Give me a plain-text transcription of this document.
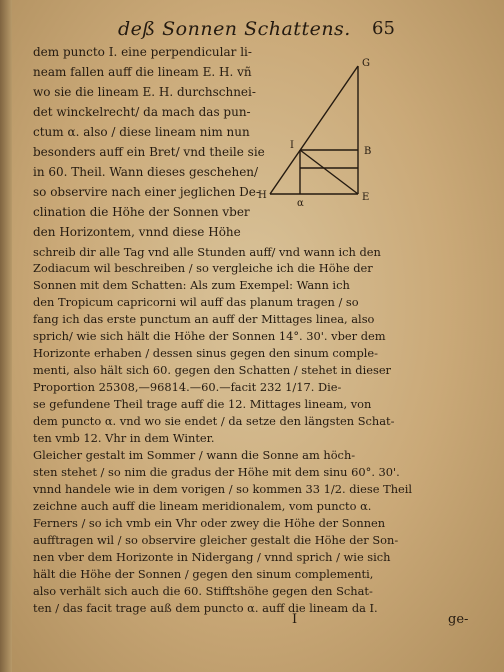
deß Sonnen Schattens. 65
dem puncto I. eine perpendicular li-
neam fallen auff die lineam E. H. vñ
wo sie die lineam E. H. durchschnei-
det winckelrecht/ da mach das pun-
ctum α. also / diese lineam nim nun
besonders auff ein Bret/ vnd theile sie
in 60. Theil. Wann dieses geschehen/
so observire nach einer jeglichen De-
clination die Höhe der Sonnen vber
den Horizontem, vnnd diese Höhe
schreib dir alle Tag vnd alle Stunden auff/ vnd wann ich den
Zodiacum wil beschreiben / so vergleiche ich die Höhe der
Sonnen mit dem Schatten: Als zum Exempel: Wann ich
den Tropicum capricorni wil auff das planum tragen / so
fang ich das erste punctum an auff der Mittages linea, also
sprich/ wie sich hält die Höhe der Sonnen 14°. 30'. vber dem
Horizonte erhaben / dessen sinus gegen den sinum comple-
menti, also hält sich 60. gegen den Schatten / stehet in dieser
Proportion 25308,—96814.—60.—facit 232 1/17. Die-
se gefundene Theil trage auff die 12. Mittages lineam, von
dem puncto α. vnd wo sie endet / da setze den längsten Schat-
ten vmb 12. Vhr in dem Winter.
Gleicher gestalt im Sommer / wann die Sonne am höch-
sten stehet / so nim die gradus der Höhe mit dem sinu 60°. 30'.
vnnd handele wie in dem vorigen / so kommen 33 1/2. diese Theil
zeichne auch auff die lineam meridionalem, vom puncto α.
Ferners / so ich vmb ein Vhr oder zwey die Höhe der Sonnen
aufftragen wil / so observire gleicher gestalt die Höhe der Son-
nen vber dem Horizonte in Nidergang / vnnd sprich / wie sich
hält die Höhe der Sonnen / gegen den sinum complementi,
also verhält sich auch die 60. Stifftshöhe gegen den Schat-
ten / das facit trage auß dem puncto α. auff die lineam da I.
I	ge-
G
I
B
H	E
α
